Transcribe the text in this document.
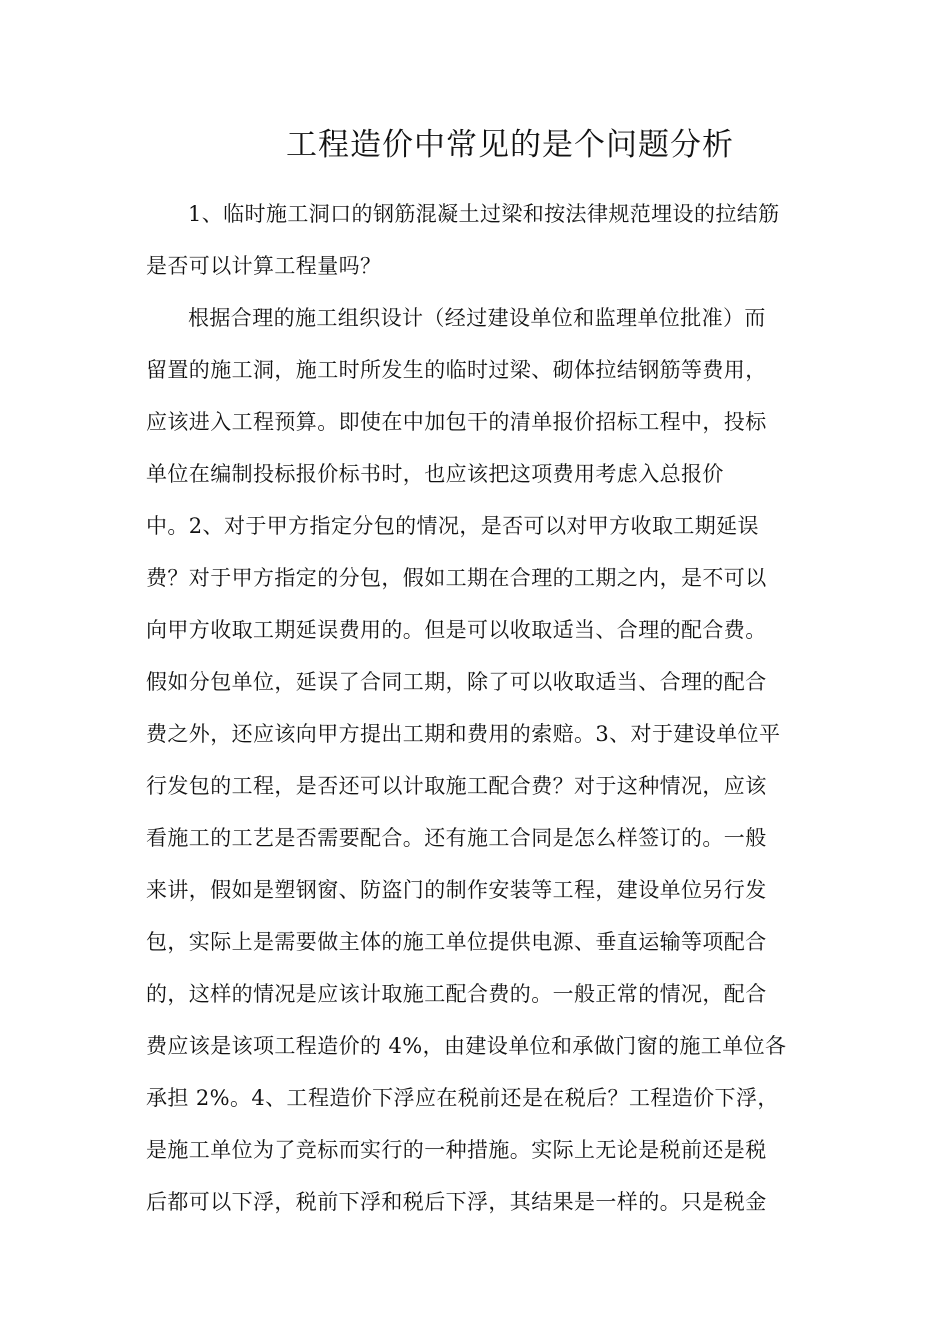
工程造价中常见的是个问题分析
1、临时施工洞口的钢筋混凝土过梁和按法律规范埋设的拉结筋
是否可以计算工程量吗？
根据合理的施工组织设计（经过建设单位和监理单位批准）而
留置的施工洞，施工时所发生的临时过梁、砌体拉结钢筋等费用，
应该进入工程预算。即使在中加包干的清单报价招标工程中，投标
单位在编制投标报价标书时，也应该把这项费用考虑入总报价
中。2、对于甲方指定分包的情况，是否可以对甲方收取工期延误
费？对于甲方指定的分包，假如工期在合理的工期之内，是不可以
向甲方收取工期延误费用的。但是可以收取适当、合理的配合费。
假如分包单位，延误了合同工期，除了可以收取适当、合理的配合
费之外，还应该向甲方提出工期和费用的索赔。3、对于建设单位平
行发包的工程，是否还可以计取施工配合费？对于这种情况，应该
看施工的工艺是否需要配合。还有施工合同是怎么样签订的。一般
来讲，假如是塑钢窗、防盗门的制作安装等工程，建设单位另行发
包，实际上是需要做主体的施工单位提供电源、垂直运输等项配合
的，这样的情况是应该计取施工配合费的。一般正常的情况，配合
费应该是该项工程造价的 4%，由建设单位和承做门窗的施工单位各
承担 2%。4、工程造价下浮应在税前还是在税后？工程造价下浮，
是施工单位为了竞标而实行的一种措施。实际上无论是税前还是税
后都可以下浮，税前下浮和税后下浮，其结果是一样的。只是税金
